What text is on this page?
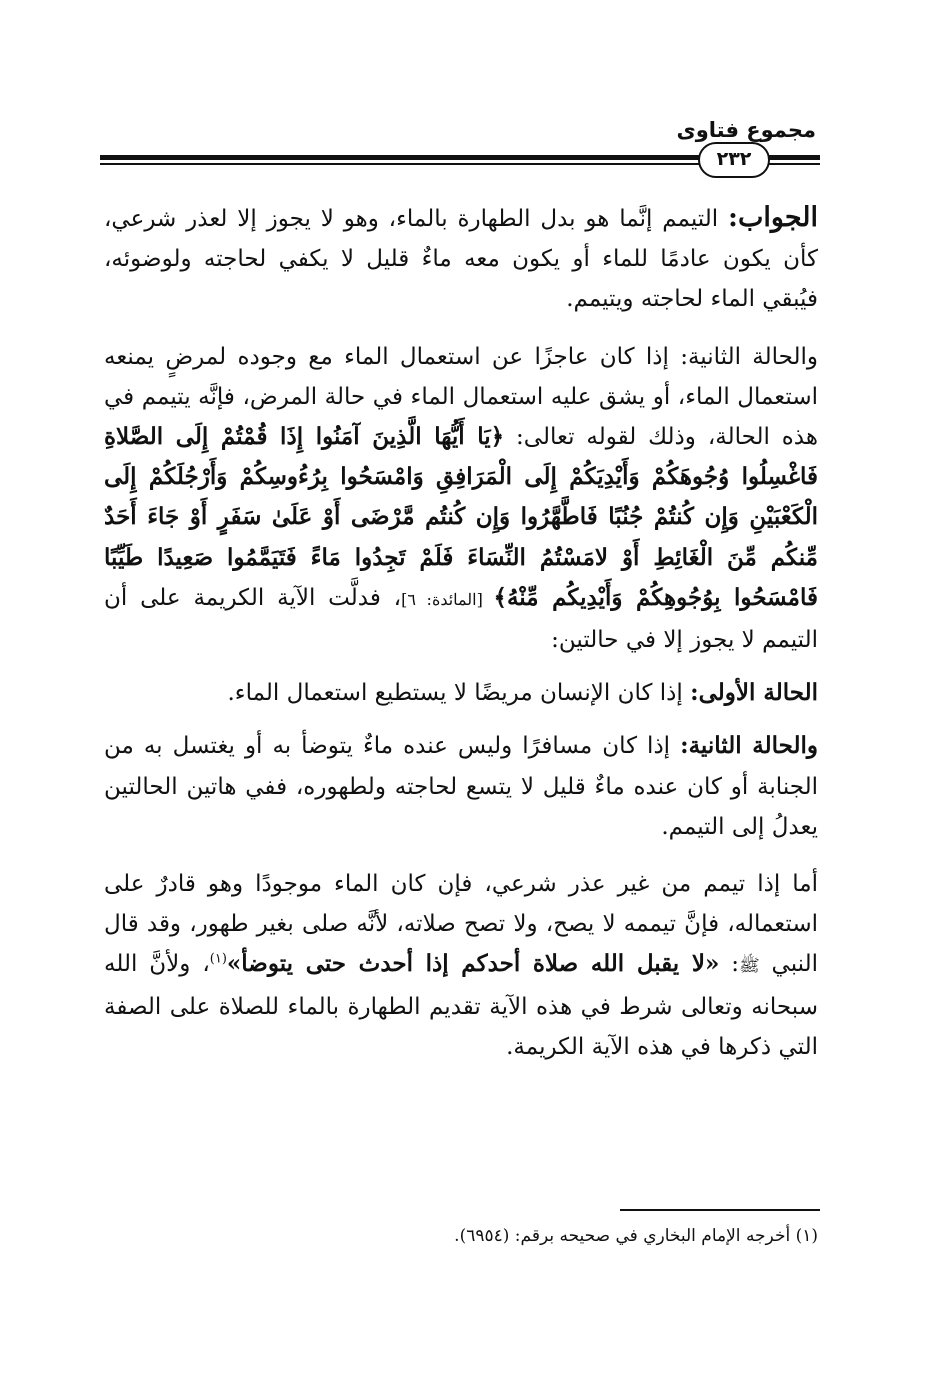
مجموع فتاوى
٢٣٢

الجواب: التيمم إنَّما هو بدل الطهارة بالماء، وهو لا يجوز إلا لعذر شرعي، كأن يكون عادمًا للماء أو يكون معه ماءٌ قليل لا يكفي لحاجته ولوضوئه، فيُبقي الماء لحاجته ويتيمم.

والحالة الثانية: إذا كان عاجزًا عن استعمال الماء مع وجوده لمرضٍ يمنعه استعمال الماء، أو يشق عليه استعمال الماء في حالة المرض، فإنَّه يتيمم في هذه الحالة، وذلك لقوله تعالى: ﴿يَا أَيُّهَا الَّذِينَ آمَنُوا إِذَا قُمْتُمْ إِلَى الصَّلاةِ فَاغْسِلُوا وُجُوهَكُمْ وَأَيْدِيَكُمْ إِلَى الْمَرَافِقِ وَامْسَحُوا بِرُءُوسِكُمْ وَأَرْجُلَكُمْ إِلَى الْكَعْبَيْنِ وَإِن كُنتُمْ جُنُبًا فَاطَّهَّرُوا وَإِن كُنتُم مَّرْضَى أَوْ عَلَىٰ سَفَرٍ أَوْ جَاءَ أَحَدٌ مِّنكُم مِّنَ الْغَائِطِ أَوْ لامَسْتُمُ النِّسَاءَ فَلَمْ تَجِدُوا مَاءً فَتَيَمَّمُوا صَعِيدًا طَيِّبًا فَامْسَحُوا بِوُجُوهِكُمْ وَأَيْدِيكُم مِّنْهُ﴾ [المائدة: ٦]، فدلَّت الآية الكريمة على أن التيمم لا يجوز إلا في حالتين:

الحالة الأولى: إذا كان الإنسان مريضًا لا يستطيع استعمال الماء.

والحالة الثانية: إذا كان مسافرًا وليس عنده ماءٌ يتوضأ به أو يغتسل به من الجنابة أو كان عنده ماءٌ قليل لا يتسع لحاجته ولطهوره، ففي هاتين الحالتين يعدلُ إلى التيمم.

أما إذا تيمم من غير عذر شرعي، فإن كان الماء موجودًا وهو قادرٌ على استعماله، فإنَّ تيممه لا يصح، ولا تصح صلاته، لأنَّه صلى بغير طهور، وقد قال النبي ﷺ: «لا يقبل الله صلاة أحدكم إذا أحدث حتى يتوضأ»$^{(١)}$، ولأنَّ الله سبحانه وتعالى شرط في هذه الآية تقديم الطهارة بالماء للصلاة على الصفة التي ذكرها في هذه الآية الكريمة.

(١) أخرجه الإمام البخاري في صحيحه برقم: (٦٩٥٤).
